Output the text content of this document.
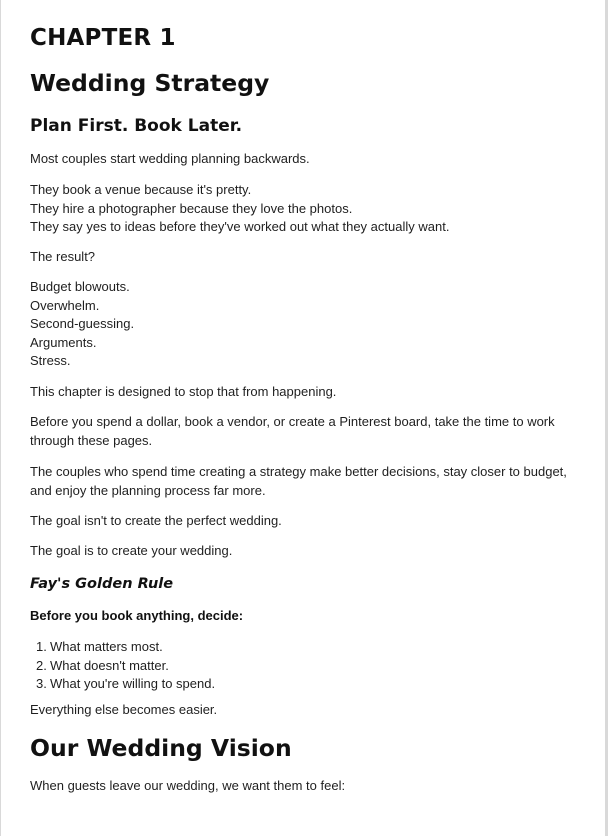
CHAPTER 1
Wedding Strategy
Plan First. Book Later.

Most couples start wedding planning backwards.

They book a venue because it's pretty.
They hire a photographer because they love the photos.
They say yes to ideas before they've worked out what they actually want.

The result?

Budget blowouts.
Overwhelm.
Second-guessing.
Arguments.
Stress.

This chapter is designed to stop that from happening.

Before you spend a dollar, book a vendor, or create a Pinterest board, take the time to work through these pages.

The couples who spend time creating a strategy make better decisions, stay closer to budget, and enjoy the planning process far more.

The goal isn't to create the perfect wedding.

The goal is to create your wedding.

Fay's Golden Rule

Before you book anything, decide:

1. What matters most.
2. What doesn't matter.
3. What you're willing to spend.

Everything else becomes easier.

Our Wedding Vision

When guests leave our wedding, we want them to feel:
